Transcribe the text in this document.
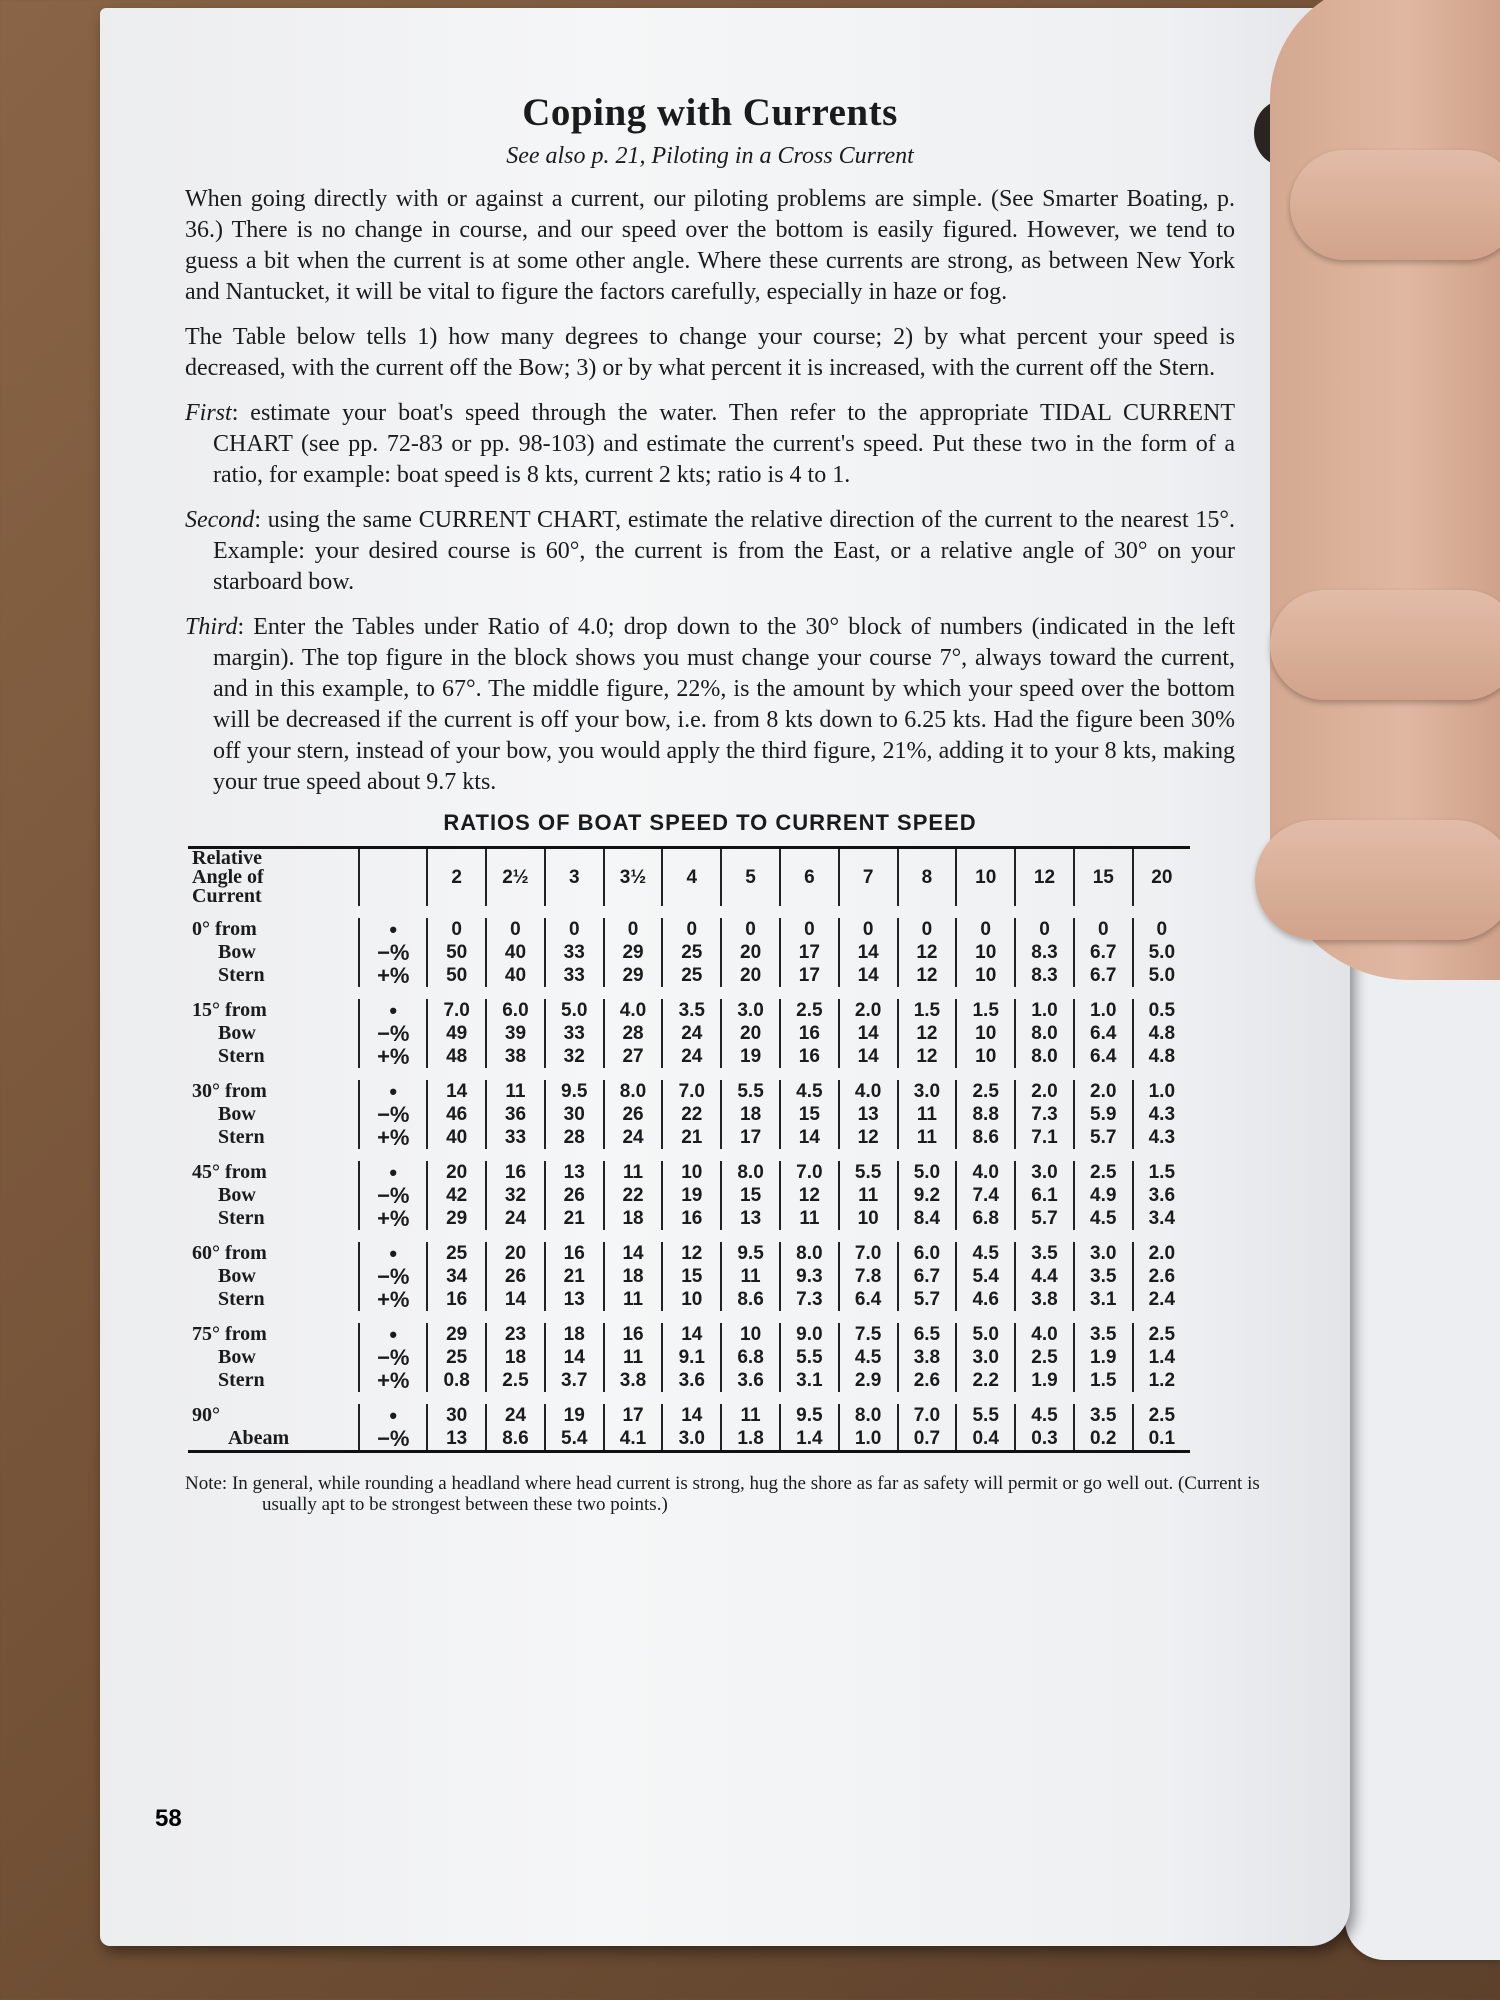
Coping with Currents
See also p. 21, Piloting in a Cross Current
When going directly with or against a current, our piloting problems are simple. (See Smarter Boating, p. 36.) There is no change in course, and our speed over the bottom is easily figured. However, we tend to guess a bit when the current is at some other angle. Where these currents are strong, as between New York and Nantucket, it will be vital to figure the factors carefully, especially in haze or fog.
The Table below tells 1) how many degrees to change your course; 2) by what percent your speed is decreased, with the current off the Bow; 3) or by what percent it is increased, with the current off the Stern.
First: estimate your boat's speed through the water. Then refer to the appropriate TIDAL CURRENT CHART (see pp. 72-83 or pp. 98-103) and estimate the current's speed. Put these two in the form of a ratio, for example: boat speed is 8 kts, current 2 kts; ratio is 4 to 1.
Second: using the same CURRENT CHART, estimate the relative direction of the current to the nearest 15°. Example: your desired course is 60°, the current is from the East, or a relative angle of 30° on your starboard bow.
Third: Enter the Tables under Ratio of 4.0; drop down to the 30° block of numbers (indicated in the left margin). The top figure in the block shows you must change your course 7°, always toward the current, and in this example, to 67°. The middle figure, 22%, is the amount by which your speed over the bottom will be decreased if the current is off your bow, i.e. from 8 kts down to 6.25 kts. Had the figure been 30% off your stern, instead of your bow, you would apply the third figure, 21%, adding it to your 8 kts, making your true speed about 9.7 kts.
RATIOS OF BOAT SPEED TO CURRENT SPEED
Relative
Angle of
Current		2	2½	3	3½	4	5	6	7	8	10	12	15	20
0° from	•	0	0	0	0	0	0	0	0	0	0	0	0	0
Bow	−%	50	40	33	29	25	20	17	14	12	10	8.3	6.7	5.0
Stern	+%	50	40	33	29	25	20	17	14	12	10	8.3	6.7	5.0
15° from	•	7.0	6.0	5.0	4.0	3.5	3.0	2.5	2.0	1.5	1.5	1.0	1.0	0.5
Bow	−%	49	39	33	28	24	20	16	14	12	10	8.0	6.4	4.8
Stern	+%	48	38	32	27	24	19	16	14	12	10	8.0	6.4	4.8
30° from	•	14	11	9.5	8.0	7.0	5.5	4.5	4.0	3.0	2.5	2.0	2.0	1.0
Bow	−%	46	36	30	26	22	18	15	13	11	8.8	7.3	5.9	4.3
Stern	+%	40	33	28	24	21	17	14	12	11	8.6	7.1	5.7	4.3
45° from	•	20	16	13	11	10	8.0	7.0	5.5	5.0	4.0	3.0	2.5	1.5
Bow	−%	42	32	26	22	19	15	12	11	9.2	7.4	6.1	4.9	3.6
Stern	+%	29	24	21	18	16	13	11	10	8.4	6.8	5.7	4.5	3.4
60° from	•	25	20	16	14	12	9.5	8.0	7.0	6.0	4.5	3.5	3.0	2.0
Bow	−%	34	26	21	18	15	11	9.3	7.8	6.7	5.4	4.4	3.5	2.6
Stern	+%	16	14	13	11	10	8.6	7.3	6.4	5.7	4.6	3.8	3.1	2.4
75° from	•	29	23	18	16	14	10	9.0	7.5	6.5	5.0	4.0	3.5	2.5
Bow	−%	25	18	14	11	9.1	6.8	5.5	4.5	3.8	3.0	2.5	1.9	1.4
Stern	+%	0.8	2.5	3.7	3.8	3.6	3.6	3.1	2.9	2.6	2.2	1.9	1.5	1.2
90°	•	30	24	19	17	14	11	9.5	8.0	7.0	5.5	4.5	3.5	2.5
Abeam	−%	13	8.6	5.4	4.1	3.0	1.8	1.4	1.0	0.7	0.4	0.3	0.2	0.1
Note: In general, while rounding a headland where head current is strong, hug the shore as far as safety will permit or go well out. (Current is usually apt to be strongest between these two points.)
58
